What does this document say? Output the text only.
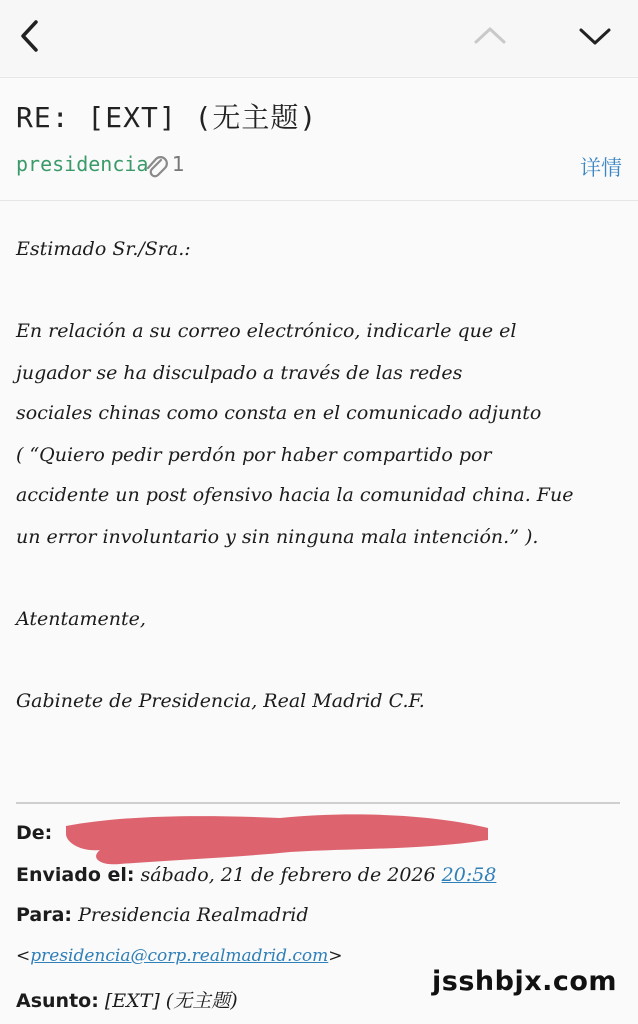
RE: [EXT] (无主题)
presidencia 1	详情
Estimado Sr./Sra.:
En relación a su correo electrónico, indicarle que el
jugador se ha disculpado a través de las redes
sociales chinas como consta en el comunicado adjunto
( “Quiero pedir perdón por haber compartido por
accidente un post ofensivo hacia la comunidad china. Fue
un error involuntario y sin ninguna mala intención.” ).
Atentamente,
Gabinete de Presidencia, Real Madrid C.F.
De:
Enviado el: sábado, 21 de febrero de 2026 20:58
Para: Presidencia Realmadrid
<presidencia@corp.realmadrid.com>
Asunto: [EXT] (无主题)
jsshbjx.com
